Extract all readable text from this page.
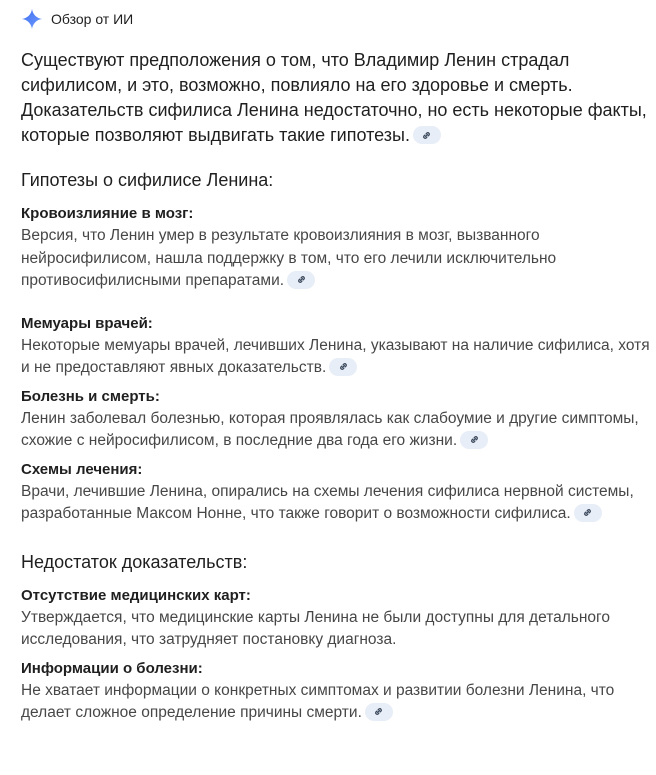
Обзор от ИИ
Существуют предположения о том, что Владимир Ленин страдал сифилисом, и это, возможно, повлияло на его здоровье и смерть. Доказательств сифилиса Ленина недостаточно, но есть некоторые факты, которые позволяют выдвигать такие гипотезы.
Гипотезы о сифилисе Ленина:
Кровоизлияние в мозг:
Версия, что Ленин умер в результате кровоизлияния в мозг, вызванного нейросифилисом, нашла поддержку в том, что его лечили исключительно противосифилисными препаратами.
Мемуары врачей:
Некоторые мемуары врачей, лечивших Ленина, указывают на наличие сифилиса, хотя и не предоставляют явных доказательств.
Болезнь и смерть:
Ленин заболевал болезнью, которая проявлялась как слабоумие и другие симптомы, схожие с нейросифилисом, в последние два года его жизни.
Схемы лечения:
Врачи, лечившие Ленина, опирались на схемы лечения сифилиса нервной системы, разработанные Максом Нонне, что также говорит о возможности сифилиса.
Недостаток доказательств:
Отсутствие медицинских карт:
Утверждается, что медицинские карты Ленина не были доступны для детального исследования, что затрудняет постановку диагноза.
Информации о болезни:
Не хватает информации о конкретных симптомах и развитии болезни Ленина, что делает сложное определение причины смерти.
